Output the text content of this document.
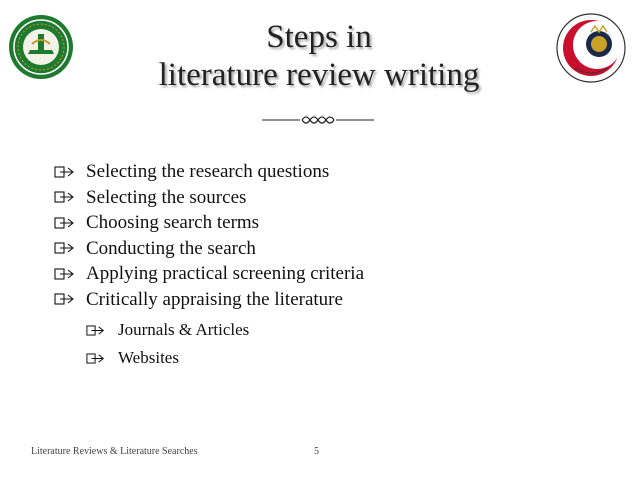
Steps in
literature review writing
Selecting the research questions
Selecting the sources
Choosing search terms
Conducting the search
Applying practical screening criteria
Critically appraising the literature
Journals & Articles
Websites
Literature Reviews & Literature Searches	5
